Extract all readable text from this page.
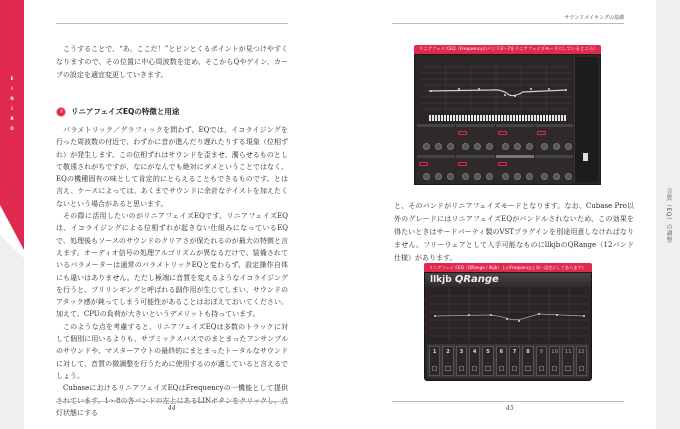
E
I
N
I
R
O
音質（EQ）の調整

こうすることで、“あ、ここだ！”とピンとくるポイントが見つけやすくなりますので、その位置に中心周波数を定め、そこからQやゲイン、カーブの設定を適宜変更していきます。

リニアフェイズEQの特徴と用途

パラメトリック／グラフィックを問わず、EQでは、イコライジングを行った周波数の付近で、わずかに音が進んだり遅れたりする現象（位相ずれ）が発生します。この位相ずれはサウンドを歪ませ、濁らせるものとして敬遠されがちですが、なにがなんでも絶対にダメということではなく、EQの機種固有の味として肯定的にとらえることもできるものです。とは言え、ケースによっては、あくまでサウンドに余計なテイストを加えたくないという場合があると思います。

その際に活用したいのがリニアフェイズEQです。リニアフェイズEQは、イコライジングによる位相ずれが起きない仕組みになっているEQで、処理後もソースのサウンドのクリアさが保たれるのが最大の特徴と言えます。オーディオ信号の処理アルゴリズムが異なるだけで、装備されているパラメーターは通常のパラメトリックEQと変わらず、設定操作自体にも違いはありません。ただし極端に音質を変えるようなイコライジングを行うと、プリリンギングと呼ばれる副作用が生じてしまい、サウンドのアタック感が鈍ってしまう可能性があることはおぼえておいてください。加えて、CPUの負荷が大きいというデメリットも持っています。

このような点を考慮すると、リニアフェイズEQは多数のトラックに対して個別に用いるよりも、サブミックスバスでのまとまったアンサンブルのサウンドや、マスターアウトの最終的にまとまったトータルなサウンドに対して、音質の微調整を行うために使用するのが適していると言えるでしょう。

CubaseにおけるリニアフェイズEQはFrequencyの一機能として提供 灯状態にする

44
サウンドメイキングの基礎
リニアフェイズEQ（Frequencyのバンド2〜7をリニアフェイズモードにしているところ）
と、そのバンドがリニアフェイズモードとなります。なお、Cubase Pro以外のグレードにはリニアフェイズEQがバンドルされないため、この効果を得たいときはサードパーティ製のVSTプラグインを別途用意しなければなりません。フリーウェアとして入手可能なものにllkjbのQRange（12バンド仕様）があります。
リニアフェイズEQ（QRange / llkjb）上のFrequencyと同一設定にしてあります）
llkjb QRange
1	2	3	4	5	6	7	8	9	10 11 12
45
